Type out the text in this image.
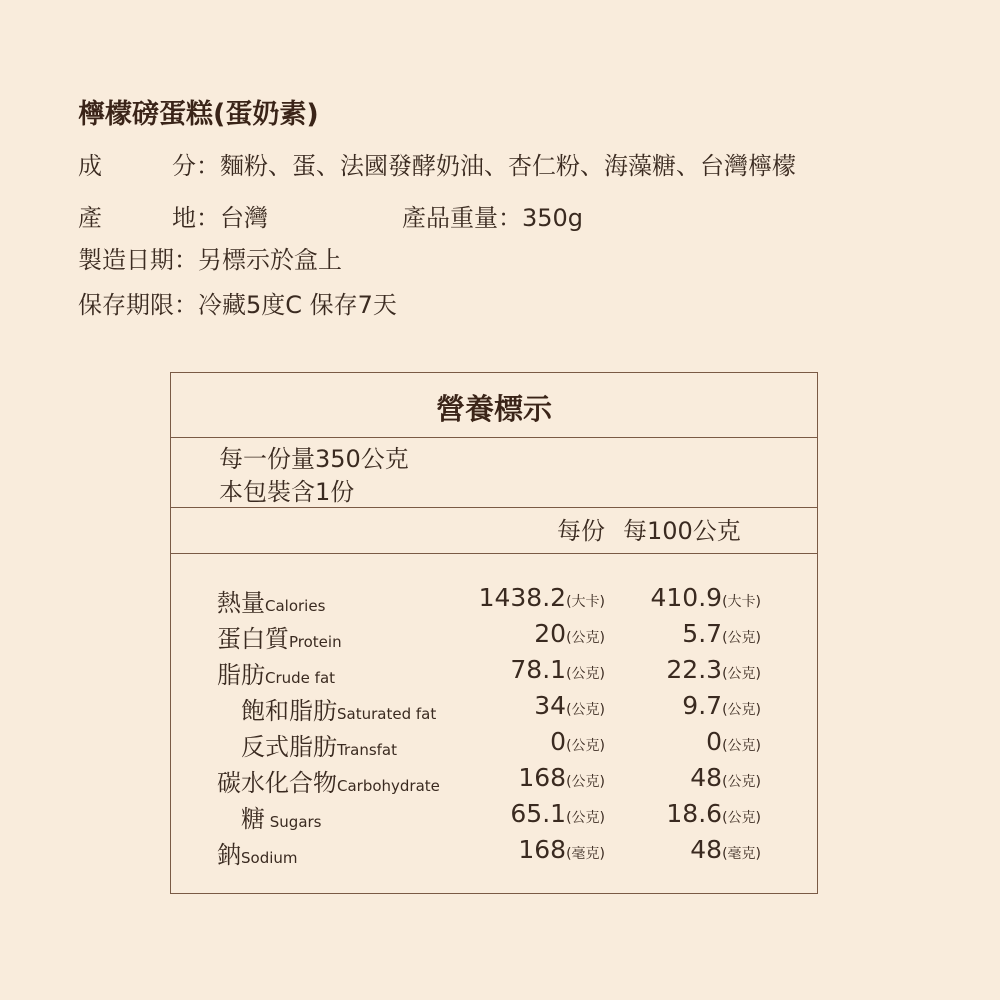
檸檬磅蛋糕(蛋奶素)
成	分：麵粉、蛋、法國發酵奶油、杏仁粉、海藻糖、台灣檸檬
產	地：台灣	產品重量：350g
製造日期：另標示於盒上
保存期限：冷藏5度C 保存7天
營養標示
每一份量350公克
本包裝含1份
每份 每100公克
熱量Calories	1438.2(大卡) 410.9(大卡)
蛋白質Protein	20(公克)	5.7(公克)
脂肪Crude fat	78.1(公克) 22.3(公克)
飽和脂肪Saturated fat	34(公克)	9.7(公克)
反式脂肪Transfat	0(公克)	0(公克)
碳水化合物Carbohydrate	168(公克)	48(公克)
糖 Sugars	65.1(公克) 18.6(公克)
鈉Sodium	168(毫克)	48(毫克)
